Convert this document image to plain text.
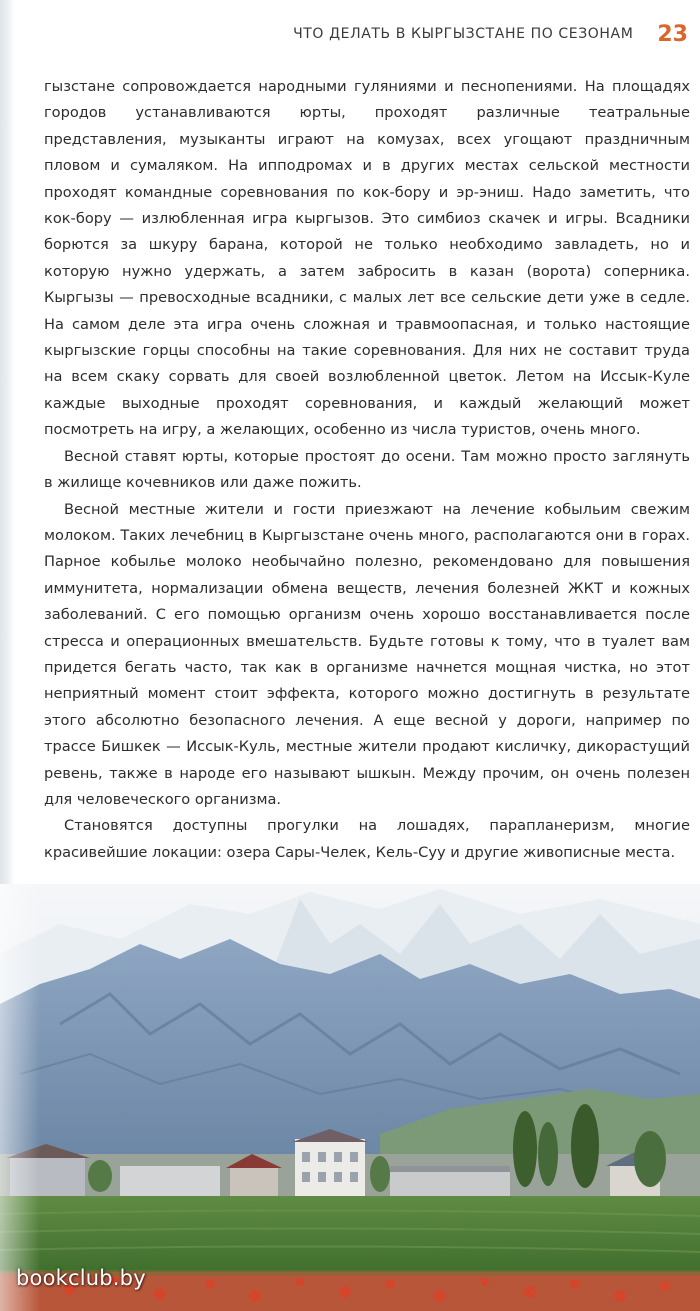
ЧТО ДЕЛАТЬ В КЫРГЫЗСТАНЕ ПО СЕЗОНАМ 23

гызстане сопровождается народными гуляниями и песнопениями. На площадях городов устанавливаются юрты, проходят различные театральные представления, музыканты играют на комузах, всех угощают праздничным пловом и сумаляком. На ипподромах и в других местах сельской местности проходят командные соревнования по кок-бору и эр-эниш. Надо заметить, что кок-бору — излюбленная игра кыргызов. Это симбиоз скачек и игры. Всадники борются за шкуру барана, которой не только необходимо завладеть, но и которую нужно удержать, а затем забросить в казан (ворота) соперника. Кыргызы — превосходные всадники, с малых лет все сельские дети уже в седле. На самом деле эта игра очень сложная и травмоопасная, и только настоящие кыргызские горцы способны на такие соревнования. Для них не составит труда на всем скаку сорвать для своей возлюбленной цветок. Летом на Иссык-Куле каждые выходные проходят соревнования, и каждый желающий может посмотреть на игру, а желающих, особенно из числа туристов, очень много.

Весной ставят юрты, которые простоят до осени. Там можно просто заглянуть в жилище кочевников или даже пожить.

Весной местные жители и гости приезжают на лечение кобыльим свежим молоком. Таких лечебниц в Кыргызстане очень много, располагаются они в горах. Парное кобылье молоко необычайно полезно, рекомендовано для повышения иммунитета, нормализации обмена веществ, лечения болезней ЖКТ и кожных заболеваний. С его помощью организм очень хорошо восстанавливается после стресса и операционных вмешательств. Будьте готовы к тому, что в туалет вам придется бегать часто, так как в организме начнется мощная чистка, но этот неприятный момент стоит эффекта, которого можно достигнуть в результате этого абсолютно безопасного лечения. А еще весной у дороги, например по трассе Бишкек — Иссык-Куль, местные жители продают кисличку, дикорастущий ревень, также в народе его называют ышкын. Между прочим, он очень полезен для человеческого организма.

Становятся доступны прогулки на лошадях, парапланеризм, многие красивейшие локации: озера Сары-Челек, Кель-Суу и другие живописные места.

bookclub.by
